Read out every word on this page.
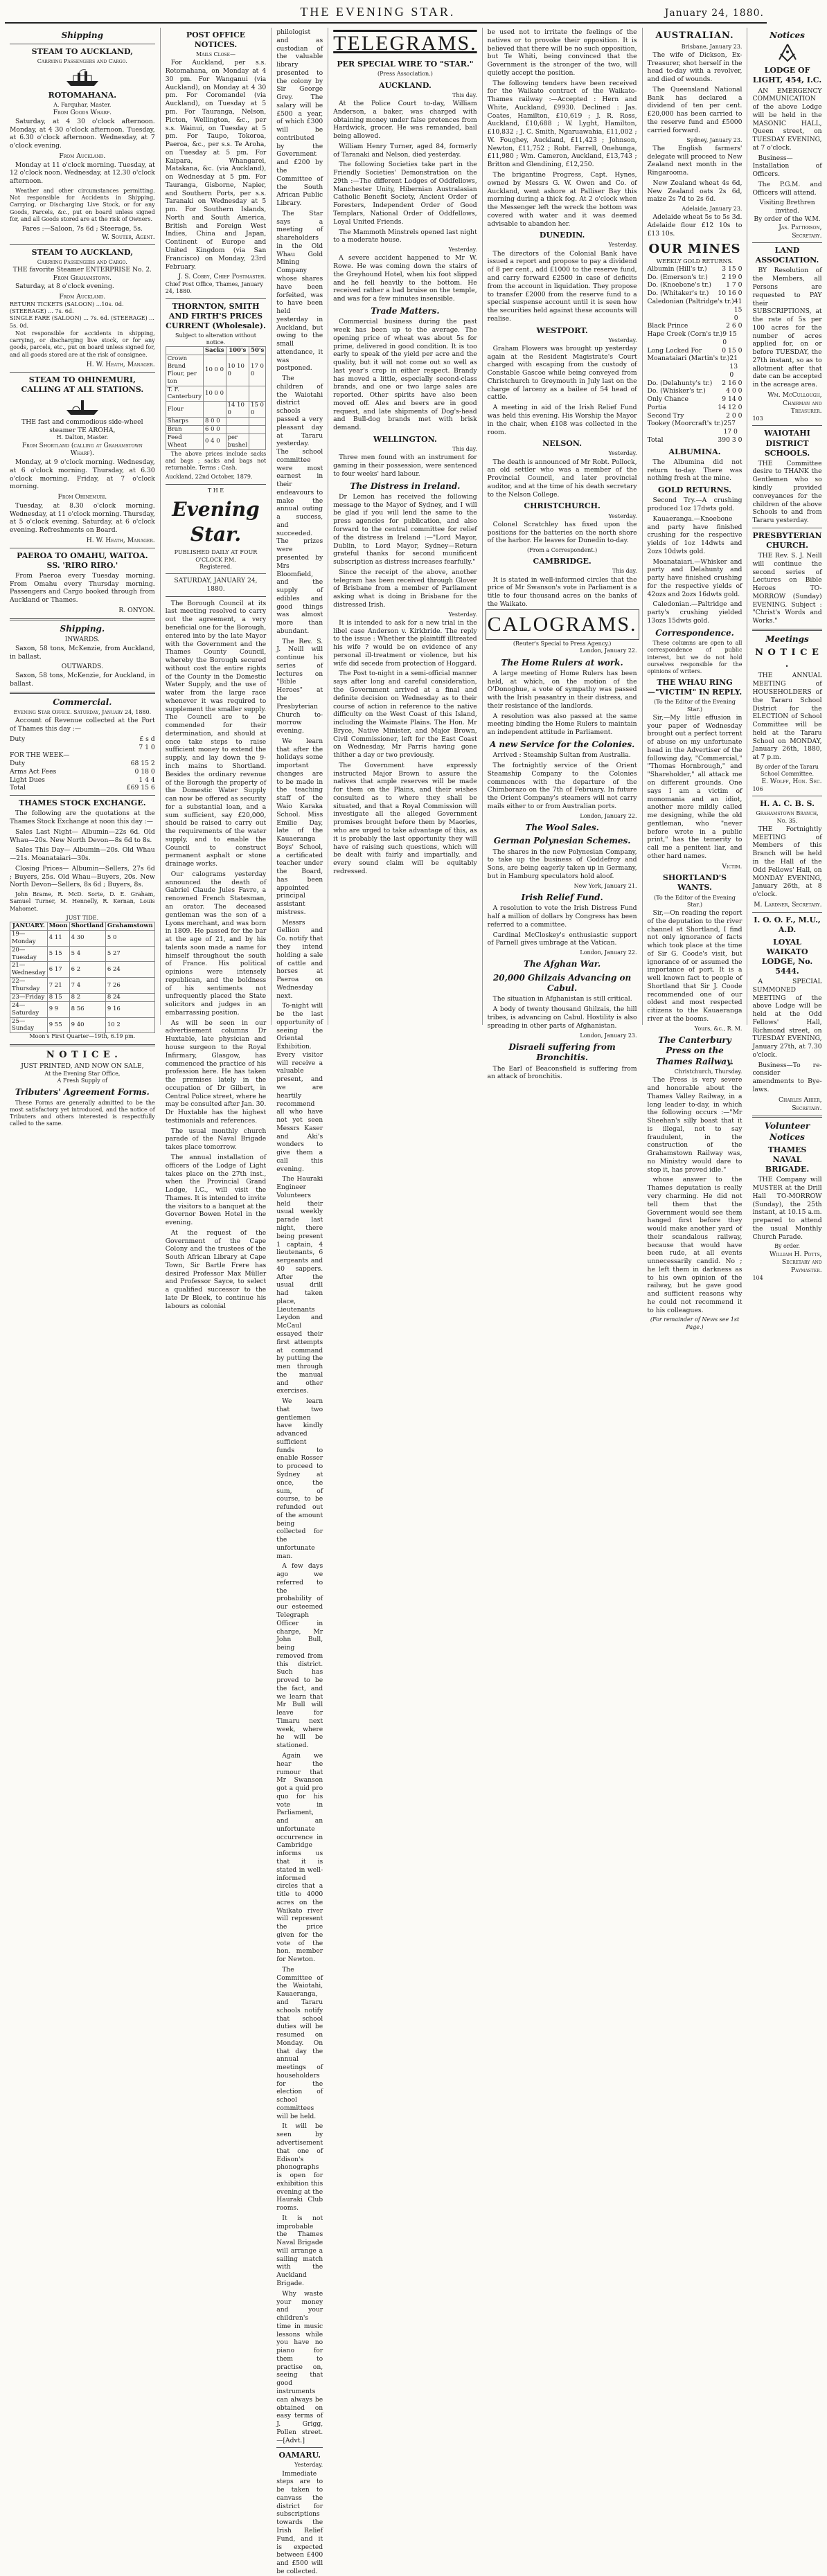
THE EVENING STAR.	January 24, 1880.
Shipping
STEAM TO AUCKLAND,
Carrying Passengers and Cargo.
ROTOMAHANA.
A. Farquhar, Master.
From Goods Wharf.

Saturday, at 4 30 o'clock afternoon. Monday, at 4 30 o'clock afternoon. Tuesday, at 6.30 o'clock afternoon. Wednesday, at 7 o'clock evening.

From Auckland.

Monday at 11 o'clock morning. Tuesday, at 12 o'clock noon. Wednesday, at 12.30 o'clock afternoon.

Weather and other circumstances permitting. Not responsible for Accidents in Shipping, Carrying, or Discharging Live Stock, or for any Goods, Parcels, &c., put on board unless signed for, and all Goods stored are at the risk of Owners.

Fares :—Saloon, 7s 6d ; Steerage, 5s.
W. Souter, Agent.
STEAM TO AUCKLAND,
Carrying Passengers and Cargo.
THE favorite Steamer ENTERPRISE No. 2.
From Grahamstown.

Saturday, at 8 o'clock evening.

From Auckland.
RETURN TICKETS (SALOON) ...10s. 0d. (STEERAGE) ... 7s. 6d.
SINGLE FARE (SALOON) ... 7s. 6d. (STEERAGE) ... 5s. 0d.

Not responsible for accidents in shipping, carrying, or discharging live stock, or for any goods, parcels, etc., put on board unless signed for, and all goods stored are at the risk of consignee.

H. W. Heath, Manager.
STEAM TO OHINEMURI, CALLING AT ALL STATIONS.
THE fast and commodious side-wheel steamer TE AROHA,
H. Dalton, Master.
From Shortland (calling at Grahamstown Wharf).

Monday, at 9 o'clock morning. Wednesday, at 6 o'clock morning. Thursday, at 6.30 o'clock morning. Friday, at 7 o'clock morning.

From Ohinemuri.

Tuesday, at 8.30 o'clock morning. Wednesday, at 11 o'clock morning. Thursday, at 5 o'clock evening. Saturday, at 6 o'clock evening. Refreshments on Board.

H. W. Heath, Manager.
PAEROA TO OMAHU, WAITOA. SS. 'RIRO RIRO.'

From Paeroa every Tuesday morning. From Omahu every Thursday morning. Passengers and Cargo booked through from Auckland or Thames.

R. ONYON.
Shipping.
INWARDS.

Saxon, 58 tons, McKenzie, from Auckland, in ballast.

OUTWARDS.

Saxon, 58 tons, McKenzie, for Auckland, in ballast.

Commercial.
Evening Star Office. Saturday, January 24, 1880.

Account of Revenue collected at the Port of Thames this day :—

Duty	£ s d
7 1 0
FOR THE WEEK—
Duty	68 15 2
Arms Act Fees	0 18 0
Light Dues	1 4 4
Total	£69 15 6
THAMES STOCK EXCHANGE.

The following are the quotations at the Thames Stock Exchange at noon this day :—

Sales Last Night— Albumin—22s 6d. Old Whau—20s. New North Devon—8s 6d to 8s.

Sales This Day— Albumin—20s. Old Whau—21s. Moanataiari—30s.

Closing Prices— Albumin—Sellers, 27s 6d ; Buyers, 25s. Old Whau—Buyers, 20s. New North Devon—Sellers, 8s 6d ; Buyers, 8s.

John Brame, R. McD. Sorte, D. E. Graham, Samuel Turner, M. Hennelly, R. Kernan, Louis Mahomet.

JUST TIDE.
JANUARY.	Moon	Shortland	Grahamstown
19—Monday	4 11	4 30	5 0
20—Tuesday	5 15	5 4	5 27
21—Wednesday	6 17	6 2	6 24
22—Thursday	7 21	7 4	7 26
23—Friday	8 15	8 2	8 24
24—Saturday	9 9	8 56	9 16
25—Sunday	9 55	9 40	10 2
Moon's First Quarter—19th, 6.19 pm.
N O T I C E .
JUST PRINTED, AND NOW ON SALE,
At the Evening Star Office,
A Fresh Supply of
Tributers' Agreement Forms.

These Forms are generally admitted to be the most satisfactory yet introduced, and the notice of Tributers and others interested is respectfully called to the same.

POST OFFICE NOTICES.
Mails Close—

For Auckland, per s.s. Rotomahana, on Monday at 4 30 pm. For Wanganui (via Auckland), on Monday at 4 30 pm. For Coromandel (via Auckland), on Tuesday at 5 pm. For Tauranga, Nelson, Picton, Wellington, &c., per s.s. Wainui, on Tuesday at 5 pm. For Taupo, Tokoroa, Paeroa, &c., per s.s. Te Aroha, on Tuesday at 5 pm. For Kaipara, Whangarei, Matakana, &c. (via Auckland), on Wednesday at 5 pm. For Tauranga, Gisborne, Napier, and Southern Ports, per s.s. Taranaki on Wednesday at 5 pm. For Southern Islands, North and South America, British and Foreign West Indies, China and Japan, Continent of Europe and United Kingdom (via San Francisco) on Monday, 23rd February.

J. S. Cobby, Chief Postmaster.
Chief Post Office, Thames, January 24, 1880.
THORNTON, SMITH AND FIRTH'S PRICES CURRENT (Wholesale).
Subject to alteration without notice.
	Sacks	100's	50's
Crown Brand Flour, per ton	10 0 0	10 10 0	17 0 0
T. F. Canterbury	10 0 0		
Flour		14 10 0	15 0 0
Sharps	8 0 0		
Bran	6 0 0		
Feed Wheat	0 4 0	per bushel	

The above prices include sacks and bags ; sacks and bags not returnable. Terms : Cash.

Auckland, 22nd October, 1879.
T H E
Evening Star.
PUBLISHED DAILY AT FOUR O'CLOCK P.M.
Registered.
SATURDAY, JANUARY 24, 1880.

The Borough Council at its last meeting resolved to carry out the agreement, a very beneficial one for the Borough, entered into by the late Mayor with the Government and the Thames County Council, whereby the Borough secured without cost the entire rights of the County in the Domestic Water Supply, and the use of water from the large race whenever it was required to supplement the smaller supply. The Council are to be commended for their determination, and should at once take steps to raise sufficient money to extend the supply, and lay down the 9-inch mains to Shortland. Besides the ordinary revenue of the Borough the property of the Domestic Water Supply can now be offered as security for a substantial loan, and a sum sufficient, say £20,000, should be raised to carry out the requirements of the water supply, and to enable the Council to construct permanent asphalt or stone drainage works.

Our calograms yesterday announced the death of Gabriel Claude Jules Favre, a renowned French Statesman, an orator. The deceased gentleman was the son of a Lyons merchant, and was born in 1809. He passed for the bar at the age of 21, and by his talents soon made a name for himself throughout the south of France. His political opinions were intensely republican, and the boldness of his sentiments not unfrequently placed the State solicitors and judges in an embarrassing position.

As will be seen in our advertisement columns Dr Huxtable, late physician and house surgeon to the Royal Infirmary, Glasgow, has commenced the practice of his profession here. He has taken the premises lately in the occupation of Dr Gilbert, in Central Police street, where he may be consulted after Jan. 30. Dr Huxtable has the highest testimonials and references.

The usual monthly church parade of the Naval Brigade takes place tomorrow.

The annual installation of officers of the Lodge of Light takes place on the 27th inst., when the Provincial Grand Lodge, I.C., will visit the Thames. It is intended to invite the visitors to a banquet at the Governor Bowen Hotel in the evening.

At the request of the Government of the Cape Colony and the trustees of the South African Library at Cape Town, Sir Bartle Frere has desired Professor Max Müller and Professor Sayce, to select a qualified successor to the late Dr Bleek, to continue his labours as colonial

philologist and as custodian of the valuable library presented to the colony by Sir George Grey. The salary will be £500 a year, of which £300 will be contributed by the Government and £200 by the Committee of the South African Public Library.

The Star says a meeting of shareholders in the Old Whau Gold Mining Company whose shares have been forfeited, was to have been held yesterday in Auckland, but owing to the small attendance, it was postponed.

The children of the Waiotahi district schools passed a very pleasant day at Tararu yesterday. The school committee were most earnest in their endeavours to make the annual outing a success, and succeeded. The prizes were presented by Mrs Bloomfield, and the supply of edibles and good things was almost more than abundant.

The Rev. S. J. Neill will continue his series of lectures on "Bible Heroes" at the Presbyterian Church to-morrow evening.

We learn that after the holidays some important changes are to be made in the teaching staff of the Waio Karaka School. Miss Emilie Day, late of the Kauaeranga Boys' School, a certificated teacher under the Board, has been appointed principal assistant mistress.

Messrs Gellion and Co. notify that they intend holding a sale of cattle and horses at Paeroa on Wednesday next.

To-night will be the last opportunity of seeing the Oriental Exhibition. Every visitor will receive a valuable present, and we are heartily recommend all who have not yet seen Messrs Kaser and Aki's wonders to give them a call this evening.

The Hauraki Engineer Volunteers held their usual weekly parade last night, there being present 1 captain, 4 lieutenants, 6 sergeants and 40 sappers. After the usual drill had taken place, Lieutenants Leydon and McCaul essayed their first attempts at command by putting the men through the manual and other exercises.

We learn that two gentlemen have kindly advanced sufficient funds to enable Rosser to proceed to Sydney at once, the sum, of course, to be refunded out of the amount being collected for the unfortunate man.

A few days ago we referred to the probability of our esteemed Telegraph Officer in charge, Mr John Bull, being removed from this district. Such has proved to be the fact, and we learn that Mr Bull will leave for Timaru next week, where he will be stationed.

Again we hear the rumour that Mr Swanson got a quid pro quo for his vote in Parliament, and an unfortunate occurrence in Cambridge informs us that it is stated in well-informed circles that a title to 4000 acres on the Waikato river will represent the price given for the vote of the hon. member for Newton.

The Committee of the Waiotahi, Kauaeranga, and Tararu schools notify that school duties will be resumed on Monday. On that day the annual meetings of householders for the election of school committees will be held.

It will be seen by advertisement that one of Edison's phonographs is open for exhibition this evening at the Hauraki Club rooms.

It is not improbable the Thames Naval Brigade will arrange a sailing match with the Auckland Brigade.

Why waste your money and your children's time in music lessons while you have no piano for them to practise on, seeing that good instruments can always be obtained on easy terms of J. Grigg, Pollen street.—[Advt.]

OAMARU.
Yesterday.

Immediate steps are to be taken to canvass the district for subscriptions towards the Irish Relief Fund, and it is expected between £400 and £500 will be collected.

TELEGRAMS.
PER SPECIAL WIRE TO "STAR."
(Press Association.)
AUCKLAND.
This day.

At the Police Court to-day, William Anderson, a baker, was charged with obtaining money under false pretences from Hardwick, grocer. He was remanded, bail being allowed.

William Henry Turner, aged 84, formerly of Taranaki and Nelson, died yesterday.

The following Societies take part in the Friendly Societies' Demonstration on the 29th :—The different Lodges of Oddfellows, Manchester Unity, Hibernian Australasian Catholic Benefit Society, Ancient Order of Foresters, Independent Order of Good Templars, National Order of Oddfellows, Loyal United Friends.

The Mammoth Minstrels opened last night to a moderate house.

Yesterday.

A severe accident happened to Mr W. Rowe. He was coming down the stairs of the Greyhound Hotel, when his foot slipped and he fell heavily to the bottom. He received rather a bad bruise on the temple, and was for a few minutes insensible.

Trade Matters.

Commercial business during the past week has been up to the average. The opening price of wheat was about 5s for prime, delivered in good condition. It is too early to speak of the yield per acre and the quality, but it will not come out so well as last year's crop in either respect. Brandy has moved a little, especially second-class brands, and one or two large sales are reported. Other spirits have also been moved off. Ales and beers are in good request, and late shipments of Dog's-head and Bull-dog brands met with brisk demand.

WELLINGTON.
This day.

Three men found with an instrument for gaming in their possession, were sentenced to four weeks' hard labour.

The Distress in Ireland.

Dr Lemon has received the following message to the Mayor of Sydney, and I will be glad if you will lend the same to the press agencies for publication, and also forward to the central committee for relief of the distress in Ireland :—"Lord Mayor, Dublin, to Lord Mayor, Sydney—Return grateful thanks for second munificent subscription as distress increases fearfully."

Since the receipt of the above, another telegram has been received through Glover of Brisbane from a member of Parliament asking what is doing in Brisbane for the distressed Irish.

Yesterday.

It is intended to ask for a new trial in the libel case Anderson v. Kirkbride. The reply to the issue : Whether the plaintiff illtreated his wife ? would be on evidence of any personal ill-treatment or violence, but his wife did secede from protection of Hoggard.

The Post to-night in a semi-official manner says after long and careful consideration, the Government arrived at a final and definite decision on Wednesday as to their course of action in reference to the native difficulty on the West Coast of this Island, including the Waimate Plains. The Hon. Mr Bryce, Native Minister, and Major Brown, Civil Commissioner, left for the East Coast on Wednesday, Mr Parris having gone thither a day or two previously.

The Government have expressly instructed Major Brown to assure the natives that ample reserves will be made for them on the Plains, and their wishes consulted as to where they shall be situated, and that a Royal Commission will investigate all the alleged Government promises brought before them by Maories, who are urged to take advantage of this, as it is probably the last opportunity they will have of raising such questions, which will be dealt with fairly and impartially, and every sound claim will be equitably redressed.

be used not to irritate the feelings of the natives or to provoke their opposition. It is believed that there will be no such opposition, but Te Whiti, being convinced that the Government is the stronger of the two, will quietly accept the position.

The following tenders have been received for the Waikato contract of the Waikato-Thames railway :—Accepted : Hern and White, Auckland, £9930. Declined : Jas. Coates, Hamilton, £10,619 ; J. R. Ross, Auckland, £10,688 ; W. Lyght, Hamilton, £10,832 ; J. C. Smith, Ngaruawahia, £11,002 ; W. Foughey, Auckland, £11,423 ; Johnson, Newton, £11,752 ; Robt. Farrell, Onehunga, £11,980 ; Wm. Cameron, Auckland, £13,743 ; Britton and Glendining, £12,250.

The brigantine Progress, Capt. Hynes, owned by Messrs G. W. Owen and Co. of Auckland, went ashore at Palliser Bay this morning during a thick fog. At 2 o'clock when the Messenger left the wreck the bottom was covered with water and it was deemed advisable to abandon her.

DUNEDIN.
Yesterday.

The directors of the Colonial Bank have issued a report and propose to pay a dividend of 8 per cent., add £1000 to the reserve fund, and carry forward £2500 in case of deficits from the account in liquidation. They propose to transfer £2000 from the reserve fund to a special suspense account until it is seen how the securities held against these accounts will realise.

WESTPORT.
Yesterday.

Graham Flowers was brought up yesterday again at the Resident Magistrate's Court charged with escaping from the custody of Constable Gascoe while being conveyed from Christchurch to Greymouth in July last on the charge of larceny as a bailee of 54 head of cattle.

A meeting in aid of the Irish Relief Fund was held this evening. His Worship the Mayor in the chair, when £108 was collected in the room.

NELSON.
Yesterday.

The death is announced of Mr Robt. Pollock, an old settler who was a member of the Provincial Council, and later provincial auditor, and at the time of his death secretary to the Nelson College.

CHRISTCHURCH.
Yesterday.

Colonel Scratchley has fixed upon the positions for the batteries on the north shore of the harbor. He leaves for Dunedin to-day.

(From a Correspondent.)
CAMBRIDGE.
This day.

It is stated in well-informed circles that the price of Mr Swanson's vote in Parliament is a title to four thousand acres on the banks of the Waikato.

CALOGRAMS.
(Reuter's Special to Press Agency.)
London, January 22.
The Home Rulers at work.

A large meeting of Home Rulers has been held, at which, on the motion of the O'Donoghue, a vote of sympathy was passed with the Irish peasantry in their distress, and their resistance of the landlords.

A resolution was also passed at the same meeting binding the Home Rulers to maintain an independent attitude in Parliament.

A new Service for the Colonies.

Arrived : Steamship Sultan from Australia.

The fortnightly service of the Orient Steamship Company to the Colonies commences with the departure of the Chimborazo on the 7th of February. In future the Orient Company's steamers will not carry mails either to or from Australian ports.

London, January 22.
The Wool Sales.
German Polynesian Schemes.

The shares in the new Polynesian Company, to take up the business of Goddefroy and Sons, are being eagerly taken up in Germany, but in Hamburg speculators hold aloof.

New York, January 21.
Irish Relief Fund.

A resolution to vote the Irish Distress Fund half a million of dollars by Congress has been referred to a committee.

Cardinal McCloskey's enthusiastic support of Parnell gives umbrage at the Vatican.

London, January 22.
The Afghan War.
20,000 Ghilzais Advancing on Cabul.

The situation in Afghanistan is still critical.

A body of twenty thousand Ghilzais, the hill tribes, is advancing on Cabul. Hostility is also spreading in other parts of Afghanistan.

London, January 23.
Disraeli suffering from Bronchitis.

The Earl of Beaconsfield is suffering from an attack of bronchitis.

AUSTRALIAN.
Brisbane, January 23.

The wife of Dickson, Ex-Treasurer, shot herself in the head to-day with a revolver, and died of wounds.

The Queensland National Bank has declared a dividend of ten per cent. £20,000 has been carried to the reserve fund and £5000 carried forward.

Sydney, January 23.

The English farmers' delegate will proceed to New Zealand next month in the Ringarooma.

New Zealand wheat 4s 6d, New Zealand oats 2s 6d, maize 2s 7d to 2s 6d.

Adelaide, January 23.

Adelaide wheat 5s to 5s 3d. Adelaide flour £12 10s to £13 10s.

OUR MINES
WEEKLY GOLD RETURNS.
Albumin (Hill's tr.)	3 15 0
Do. (Emerson's tr.)	2 19 0
Do. (Knoebone's tr.)	1 7 0
Do. (Whitaker's tr.)	10 16 0
Caledonian (Paltridge's tr.) 41 15 0
Black Prince	2 6 0
Hape Creek (Corn's tr.) 9 15 0
Long Locked For	0 15 0
Moanataiari (Martin's tr.) 21 13 0
Do. (Delahunty's tr.)	2 16 0
Do. (Whisker's tr.)	4 0 0
Only Chance	9 14 0
Portia	14 12 0
Second Try	2 0 0
Tookey (Moorcraft's tr.) 257 17 0
Total	390 3 0
ALBUMINA.

The Albumina did not return to-day. There was nothing fresh at the mine.

GOLD RETURNS.

Second Try.—A crushing produced 1oz 17dwts gold.

Kauaeranga.—Knoebone and party have finished crushing for the respective yields of 1oz 14dwts and 2ozs 10dwts gold.

Moanataiari.—Whisker and party and Delahunty and party have finished crushing for the respective yields of 42ozs and 2ozs 16dwts gold.

Caledonian.—Paltridge and party's crushing yielded 13ozs 15dwts gold.

Correspondence.

These columns are open to all correspondence of public interest, but we do not hold ourselves responsible for the opinions of writers.

THE WHAU RING—"VICTIM" IN REPLY.
(To the Editor of the Evening Star.)

Sir,—My little effusion in your paper of Wednesday brought out a perfect torrent of abuse on my unfortunate head in the Advertiser of the following day, "Commercial," "Thomas Hornbrough," and "Shareholder," all attack me on different grounds. One says I am a victim of monomania and an idiot, another more mildly called me designing, while the old gentleman, who "never before wrote in a public print," has the temerity to call me a penitent liar, and other hard names.

Victim.
SHORTLAND'S WANTS.
(To the Editor of the Evening Star.)

Sir,—On reading the report of the deputation to the river channel at Shortland, I find not only ignorance of facts which took place at the time of Sir G. Coode's visit, but ignorance of or assumed the importance of port. It is a well known fact to people of Shortland that Sir J. Coode recommended one of our oldest and most respected citizens to the Kauaeranga river at the booms.

Yours, &c., R. M.
The Canterbury Press on the Thames Railway.
Christchurch, Thursday.

The Press is very severe and honorable about the Thames Valley Railway, in a long leader to-day, in which the following occurs :—"Mr Sheehan's silly boast that it is illegal, not to say fraudulent, in the construction of the Grahamstown Railway was, no Ministry would dare to stop it, has proved idle."

whose answer to the Thames deputation is really very charming. He did not tell them that the Government would see them hanged first before they would make another yard of their scandalous railway, because that would have been rude, at all events unnecessarily candid. No ; he left them in darkness as to his own opinion of the railway, but he gave good and sufficient reasons why he could not recommend it to his colleagues.

(For remainder of News see 1st Page.)
Notices
LODGE OF LIGHT, 454, I.C.

AN EMERGENCY COMMUNICATION of the above Lodge will be held in the MASONIC HALL, Queen street, on TUESDAY EVENING, at 7 o'clock.

Business—Installation of Officers.

The P.G.M. and Officers will attend.

Visiting Brethren invited.
By order of the W.M.
Jas. Patterson, Secretary.
LAND ASSOCIATION.

BY Resolution of the Members, all Persons are requested to PAY their SUBSCRIPTIONS, at the rate of 5s per 100 acres for the number of acres applied for, on or before TUESDAY, the 27th instant, so as to allotment after that date can be accepted in the acreage area.

Wm. McCullough, Chairman and Treasurer.
103
WAIOTAHI DISTRICT SCHOOLS.

THE Committee desire to THANK the Gentlemen who so kindly provided conveyances for the children of the above Schools to and from Tararu yesterday.

PRESBYTERIAN CHURCH.

THE Rev. S. J. Neill will continue the second series of Lectures on Bible Heroes TO-MORROW (Sunday) EVENING. Subject : "Christ's Words and Works."

Meetings
N O T I C E .

THE ANNUAL MEETING of HOUSEHOLDERS of the Tararu School District for the ELECTION of School Committee will be held at the Tararu School on MONDAY, January 26th, 1880, at 7 p.m.

By order of the Tararu School Committee.
E. Wolff, Hon. Sec.
106
H. A. C. B. S.
Grahamstown Branch, No. 35.

THE Fortnightly MEETING of Members of this Branch will be held in the Hall of the Odd Fellows' Hall, on MONDAY EVENING, January 26th, at 8 o'clock.

M. Lardner, Secretary.
I. O. O. F., M.U., A.D.
LOYAL WAIKATO LODGE, No. 5444.

A SPECIAL SUMMONED MEETING of the above Lodge will be held at the Odd Fellows' Hall, Richmond street, on TUESDAY EVENING, January 27th, at 7.30 o'clock.

Business—To re-consider amendments to Bye-laws.

Charles Ahier, Secretary.
Volunteer Notices
THAMES NAVAL BRIGADE.

THE Company will MUSTER at the Drill Hall TO-MORROW (Sunday), the 25th instant, at 10.15 a.m. prepared to attend the usual Monthly Church Parade.

By order.
William H. Potts, Secretary and Paymaster.
104
